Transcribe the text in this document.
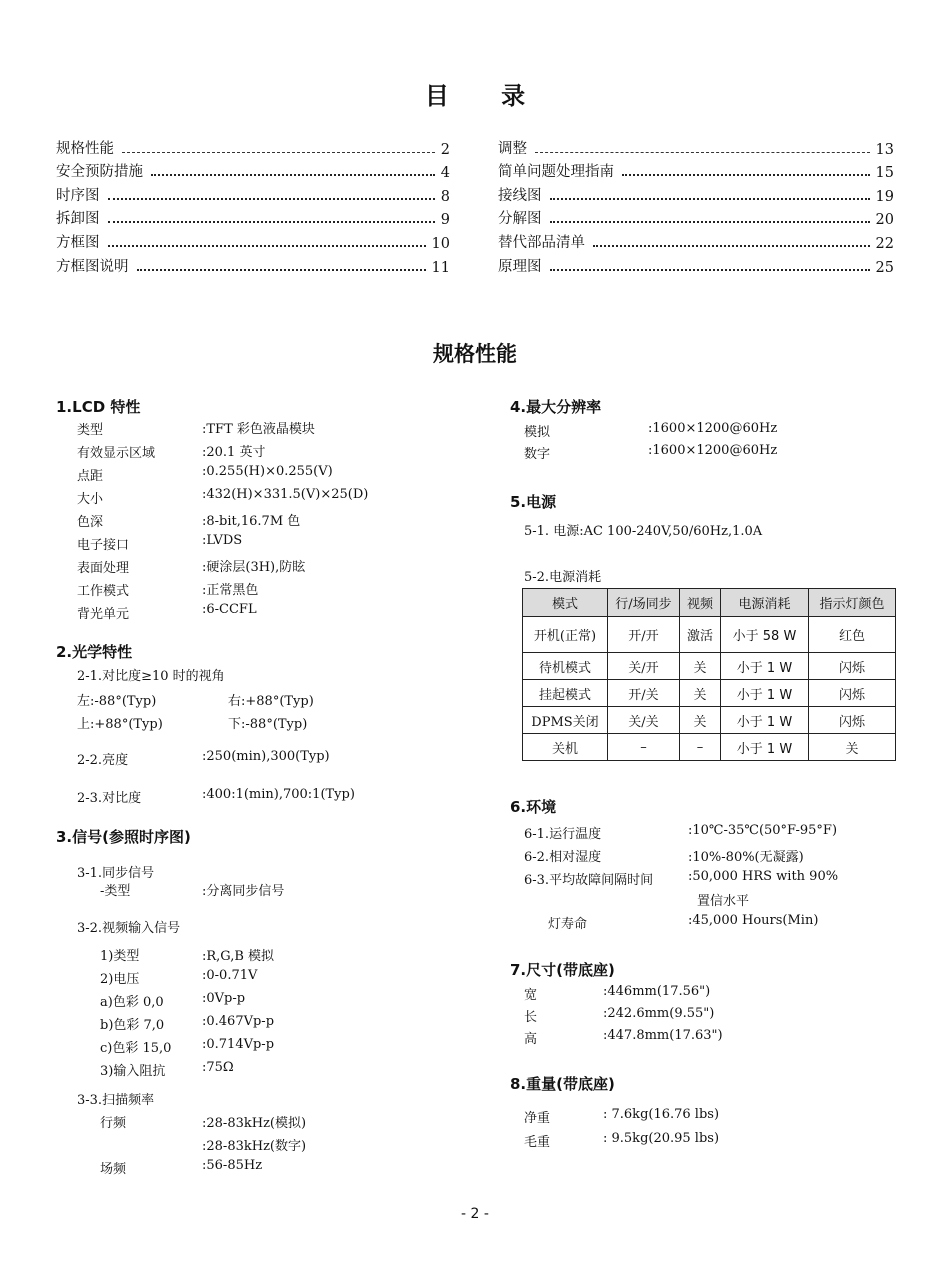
目 录
规格性能	2
安全预防措施	4
时序图	8
拆卸图	9
方框图	10
方框图说明	11
调整	13
简单问题处理指南	15
接线图	19
分解图	20
替代部品清单	22
原理图	25
规格性能
1.LCD 特性
类型	:TFT 彩色液晶模块
有效显示区域	:20.1 英寸
点距	:0.255(H)×0.255(V)
大小	:432(H)×331.5(V)×25(D)
色深	:8-bit,16.7M 色
电子接口	:LVDS
表面处理	:硬涂层(3H),防眩
工作模式	:正常黑色
背光单元	:6-CCFL
2.光学特性
2-1.对比度≥10 时的视角
左:-88°(Typ)	右:+88°(Typ)
上:+88°(Typ)	下:-88°(Typ)
2-2.亮度	:250(min),300(Typ)
2-3.对比度	:400:1(min),700:1(Typ)
3.信号(参照时序图)
3-1.同步信号
-类型	:分离同步信号
3-2.视频输入信号
1)类型	:R,G,B 模拟
2)电压	:0-0.71V
a)色彩 0,0	:0Vp-p
b)色彩 7,0	:0.467Vp-p
c)色彩 15,0 :0.714Vp-p
3)输入阻抗	:75Ω
3-3.扫描频率
行频	:28-83kHz(模拟)
:28-83kHz(数字)
场频	:56-85Hz
4.最大分辨率
模拟	:1600×1200@60Hz
数字	:1600×1200@60Hz
5.电源
5-1. 电源:AC 100-240V,50/60Hz,1.0A
5-2.电源消耗
模式	行/场同步	视频	电源消耗	指示灯颜色
开机(正常)	开/开	激活	小于 58 W	红色
待机模式	关/开	关	小于 1 W	闪烁
挂起模式	开/关	关	小于 1 W	闪烁
DPMS关闭	关/关	关	小于 1 W	闪烁
关机	–	–	小于 1 W	关
6.环境
6-1.运行温度	:10℃-35℃(50°F-95°F)
6-2.相对湿度	:10%-80%(无凝露)
6-3.平均故障间隔时间	:50,000 HRS with 90%
置信水平
灯寿命	:45,000 Hours(Min)
7.尺寸(带底座)
宽	:446mm(17.56")
长	:242.6mm(9.55")
高	:447.8mm(17.63")
8.重量(带底座)
净重	: 7.6kg(16.76 lbs)
毛重	: 9.5kg(20.95 lbs)
- 2 -
